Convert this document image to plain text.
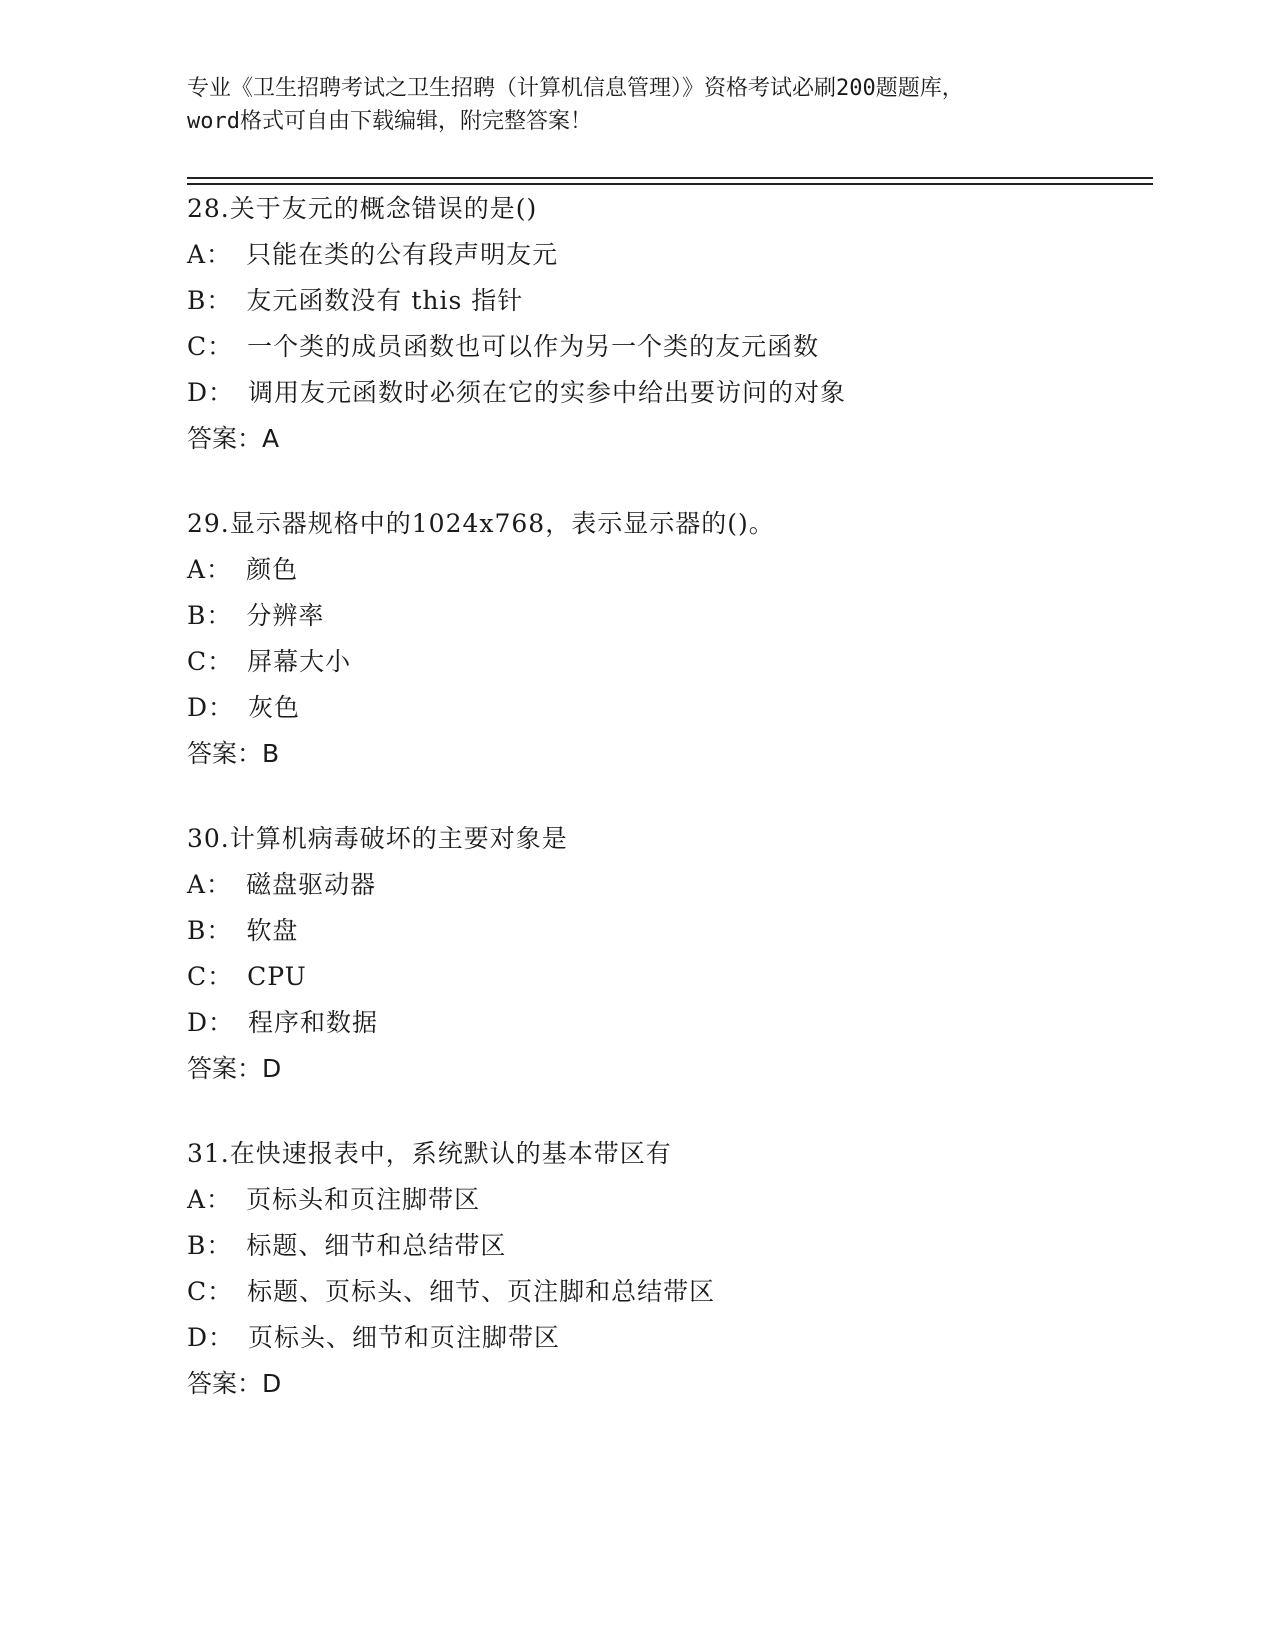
专业《卫生招聘考试之卫生招聘（计算机信息管理）》资格考试必刷200题题库，
word格式可自由下载编辑，附完整答案！
28.关于友元的概念错误的是()
A： 只能在类的公有段声明友元
B： 友元函数没有 this 指针
C： 一个类的成员函数也可以作为另一个类的友元函数
D： 调用友元函数时必须在它的实参中给出要访问的对象
答案：A
29.显示器规格中的1024x768，表示显示器的()。
A： 颜色
B： 分辨率
C： 屏幕大小
D： 灰色
答案：B
30.计算机病毒破坏的主要对象是
A： 磁盘驱动器
B： 软盘
C： CPU
D： 程序和数据
答案：D
31.在快速报表中，系统默认的基本带区有
A： 页标头和页注脚带区
B： 标题、细节和总结带区
C： 标题、页标头、细节、页注脚和总结带区
D： 页标头、细节和页注脚带区
答案：D
